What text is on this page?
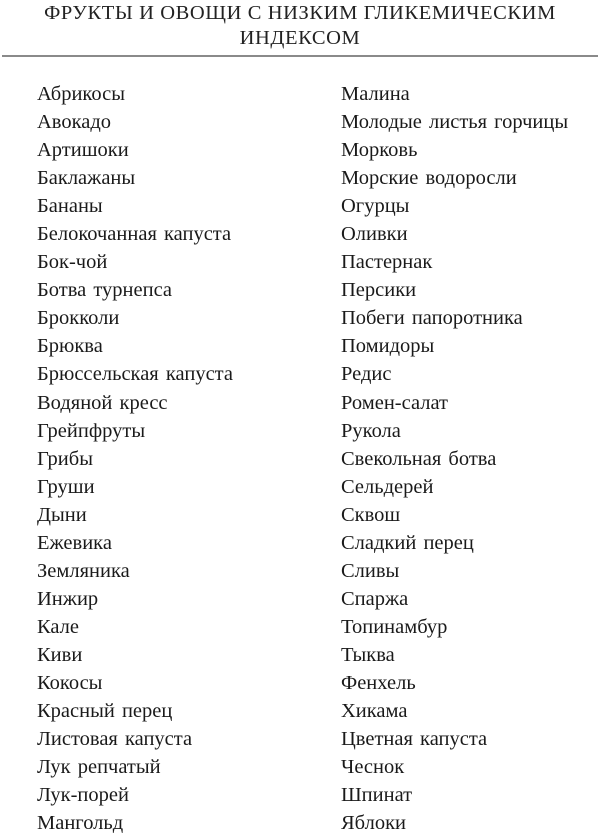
ФРУКТЫ И ОВОЩИ С НИЗКИМ ГЛИКЕМИЧЕСКИМ
ИНДЕКСОМ
Абрикосы
Авокадо
Артишоки
Баклажаны
Бананы
Белокочанная капуста
Бок-чой
Ботва турнепса
Брокколи
Брюква
Брюссельская капуста
Водяной кресс
Грейпфруты
Грибы
Груши
Дыни
Ежевика
Земляника
Инжир
Кале
Киви
Кокосы
Красный перец
Листовая капуста
Лук репчатый
Лук-порей
Мангольд
Малина
Молодые листья горчицы
Морковь
Морские водоросли
Огурцы
Оливки
Пастернак
Персики
Побеги папоротника
Помидоры
Редис
Ромен-салат
Рукола
Свекольная ботва
Сельдерей
Сквош
Сладкий перец
Сливы
Спаржа
Топинамбур
Тыква
Фенхель
Хикама
Цветная капуста
Чеснок
Шпинат
Яблоки
